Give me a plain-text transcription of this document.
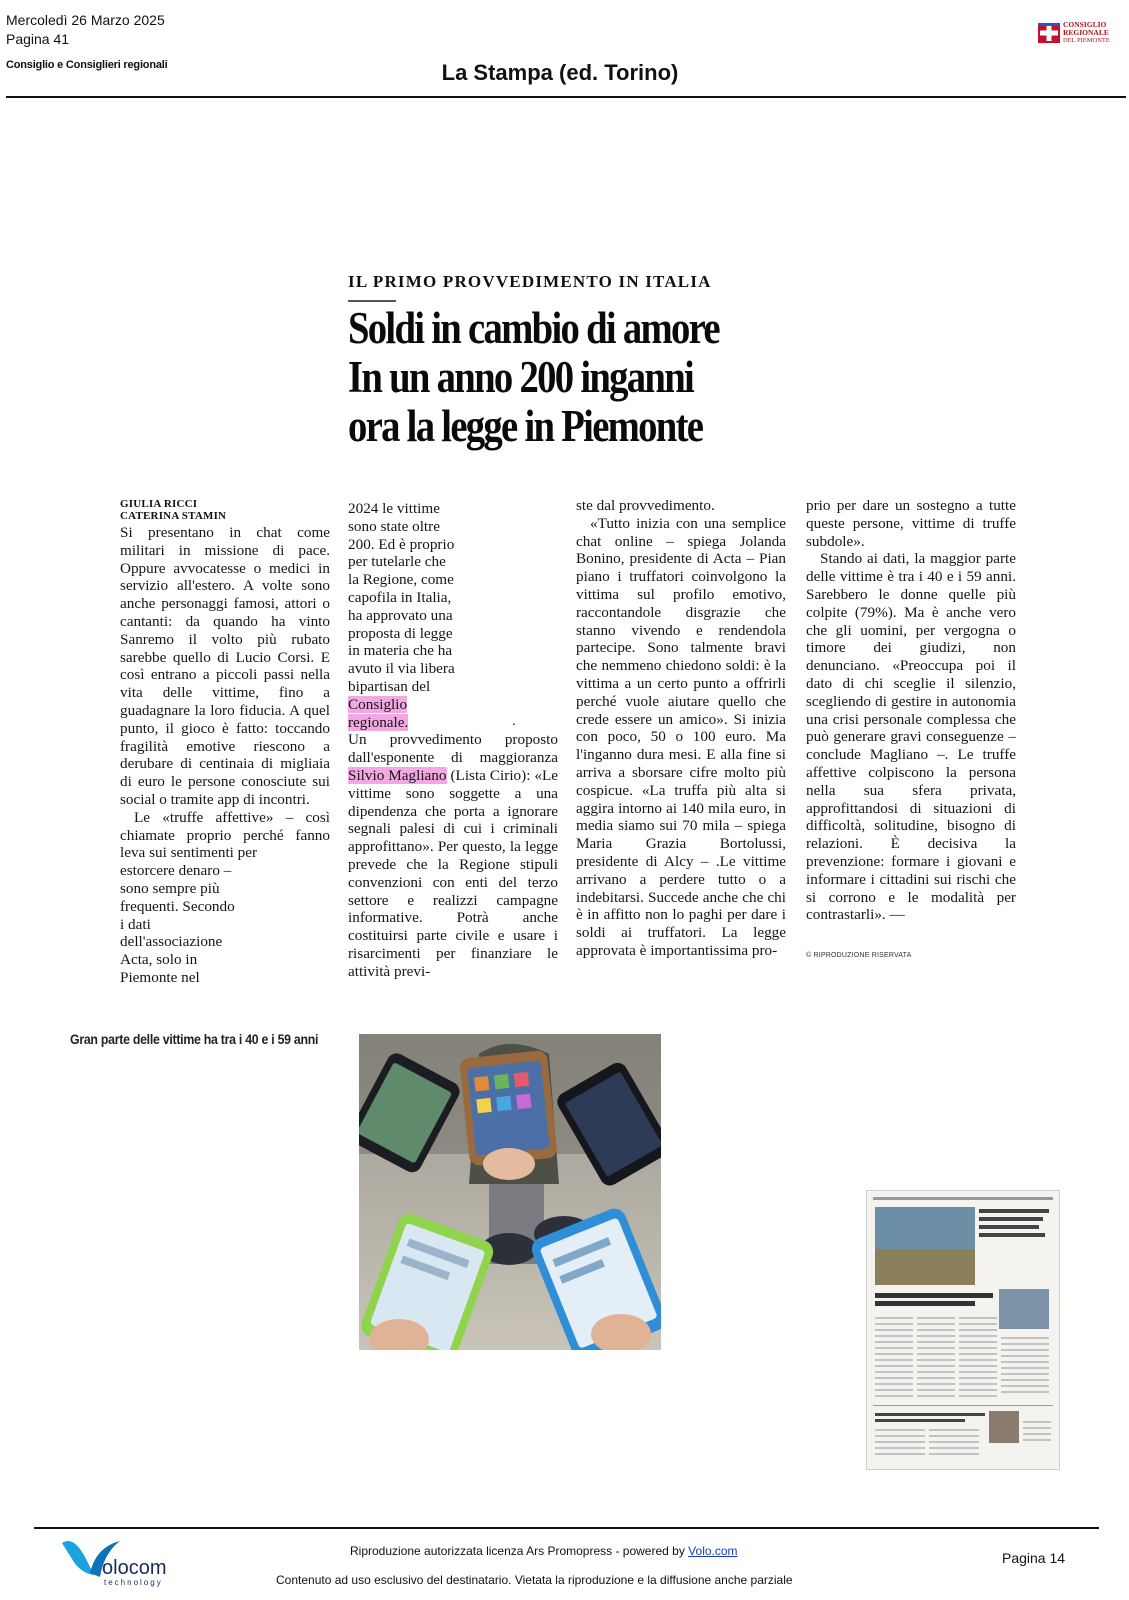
Mercoledì 26 Marzo 2025
Pagina 41
Consiglio e Consiglieri regionali	La Stampa (ed. Torino)
CONSIGLIO
REGIONALE
DEL PIEMONTE
IL PRIMO PROVVEDIMENTO IN ITALIA
Soldi in cambio di amore
In un anno 200 inganni
ora la legge in Piemonte
GIULIA RICCI
CATERINA STAMIN

Si presentano in chat come militari in missione di pace. Oppure avvocatesse o medici in servizio all'estero. A volte sono anche personaggi famosi, attori o cantanti: da quando ha vinto Sanremo il volto più rubato sarebbe quello di Lucio Corsi. E così entrano a piccoli passi nella vita delle vittime, fino a guadagnare la loro fiducia. A quel punto, il gioco è fatto: toccando fragilità emotive riescono a derubare di centinaia di migliaia di euro le persone conosciute sui social o tramite app di incontri.

Le «truffe affettive» – così chiamate proprio perché fanno leva sui sentimenti per

estorcere denaro – sono sempre più frequenti. Secondo i dati dell'associazione Acta, solo in Piemonte nel

2024 le vittime sono state oltre 200. Ed è proprio per tutelarle che la Regione, come capofila in Italia, ha approvato una proposta di legge in materia che ha avuto il via libera bipartisan del

Consiglio regionale.

Un provvedimento proposto dall'esponente di maggioranza Silvio Magliano (Lista Cirio): «Le vittime sono soggette a una dipendenza che porta a ignorare segnali palesi di cui i criminali approfittano». Per questo, la legge prevede che la Regione stipuli convenzioni con enti del terzo settore e realizzi campagne informative. Potrà anche costituirsi parte civile e usare i risarcimenti per finanziare le attività previ-

.

ste dal provvedimento.

«Tutto inizia con una semplice chat online – spiega Jolanda Bonino, presidente di Acta – Pian piano i truffatori coinvolgono la vittima sul profilo emotivo, raccontandole disgrazie che stanno vivendo e rendendola partecipe. Sono talmente bravi che nemmeno chiedono soldi: è la vittima a un certo punto a offrirli perché vuole aiutare quello che crede essere un amico». Si inizia con poco, 50 o 100 euro. Ma l'inganno dura mesi. E alla fine si arriva a sborsare cifre molto più cospicue. «La truffa più alta si aggira intorno ai 140 mila euro, in media siamo sui 70 mila – spiega Maria Grazia Bortolussi, presidente di Alcy – .Le vittime arrivano a perdere tutto o a indebitarsi. Succede anche che chi è in affitto non lo paghi per dare i soldi ai truffatori. La legge approvata è importantissima pro-

prio per dare un sostegno a tutte queste persone, vittime di truffe subdole».

Stando ai dati, la maggior parte delle vittime è tra i 40 e i 59 anni. Sarebbero le donne quelle più colpite (79%). Ma è anche vero che gli uomini, per vergogna o timore dei giudizi, non denunciano. «Preoccupa poi il dato di chi sceglie il silenzio, scegliendo di gestire in autonomia una crisi personale complessa che può generare gravi conseguenze – conclude Magliano –. Le truffe affettive colpiscono la persona nella sua sfera privata, approfittandosi di situazioni di difficoltà, solitudine, bisogno di relazioni. È decisiva la prevenzione: formare i giovani e informare i cittadini sui rischi che si corrono e le modalità per contrastarli». —

© RIPRODUZIONE RISERVATA
Gran parte delle vittime ha tra i 40 e i 59 anni
olocom
technology
Riproduzione autorizzata licenza Ars Promopress - powered by Volo.com
Contenuto ad uso esclusivo del destinatario. Vietata la riproduzione e la diffusione anche parziale
Pagina 14
